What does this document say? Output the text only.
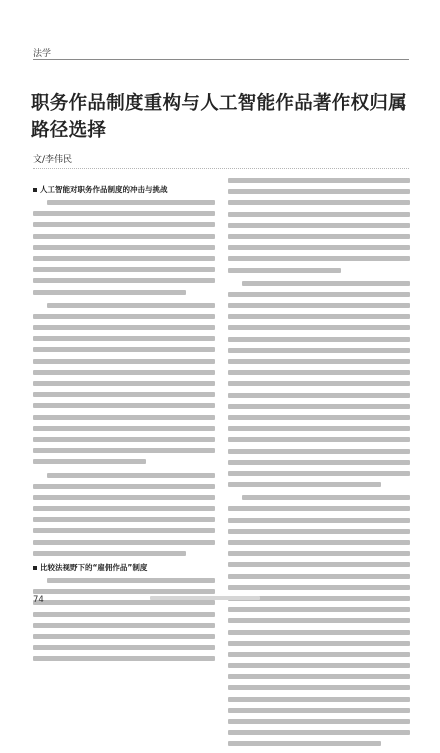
法学
职务作品制度重构与人工智能作品著作权归属路径选择
文/李伟民
人工智能对职务作品制度的冲击与挑战
比较法视野下的“雇佣作品”制度
74
